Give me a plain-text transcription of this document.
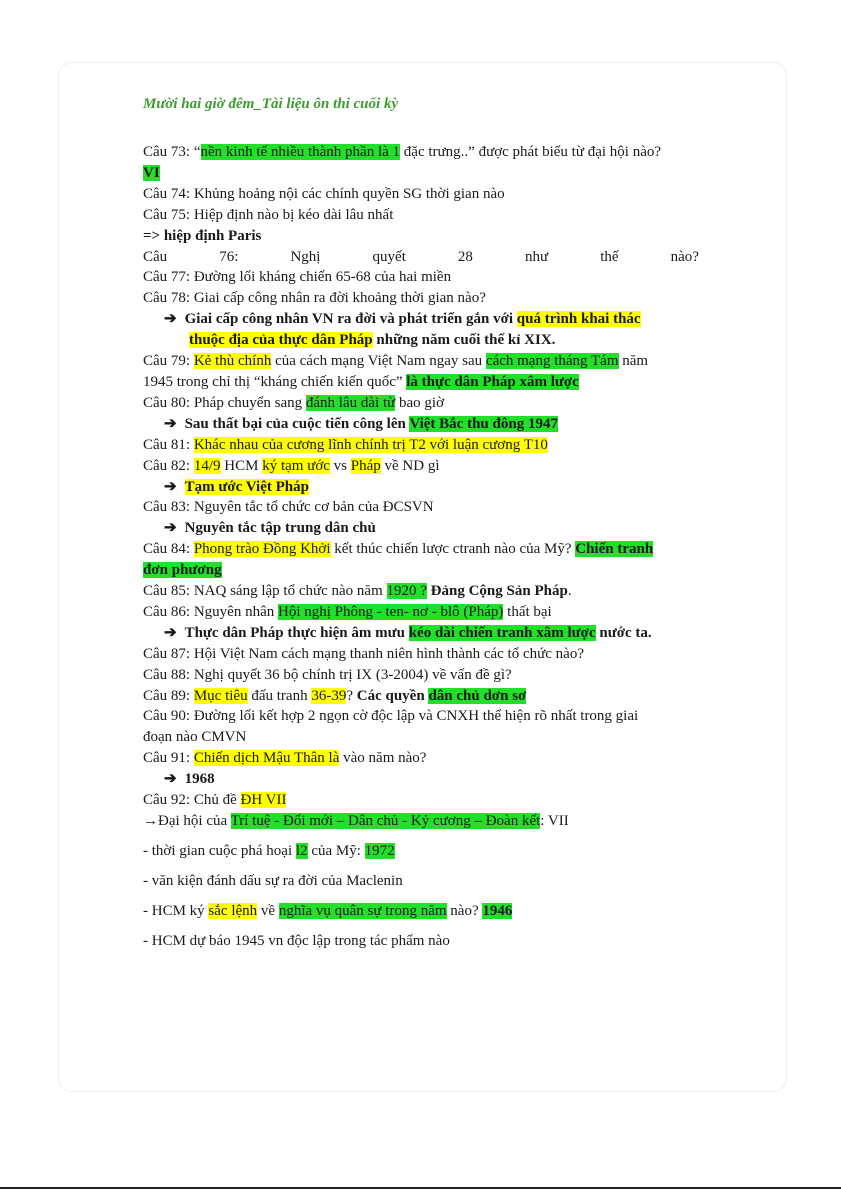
Mười hai giờ đêm_Tài liệu ôn thi cuối kỳ

Câu 73: “nền kinh tế nhiều thành phần là 1 đặc trưng..” được phát biểu từ đại hội nào?

VI

Câu 74: Khủng hoảng nội các chính quyền SG thời gian nào

Câu 75: Hiệp định nào bị kéo dài lâu nhất

=> hiệp định Paris

Câu	76:	Nghị	quyết	28	như	thế	nào?

Câu 77: Đường lối kháng chiến 65-68 của hai miền

Câu 78: Giai cấp công nhân ra đời khoảng thời gian nào?

➔ Giai cấp công nhân VN ra đời và phát triển gắn với quá trình khai thác

thuộc địa của thực dân Pháp những năm cuối thế kỉ XIX.

Câu 79: Kẻ thù chính của cách mạng Việt Nam ngay sau cách mạng tháng Tám năm

1945 trong chỉ thị “kháng chiến kiến quốc” là thực dân Pháp xâm lược

Câu 80: Pháp chuyển sang đánh lâu dài từ bao giờ

➔ Sau thất bại của cuộc tiến công lên Việt Bắc thu đông 1947

Câu 81: Khác nhau của cương lĩnh chính trị T2 với luận cương T10

Câu 82: 14/9 HCM ký tạm ước vs Pháp về ND gì

➔ Tạm ước Việt Pháp

Câu 83: Nguyên tắc tổ chức cơ bản của ĐCSVN

➔ Nguyên tắc tập trung dân chủ

Câu 84: Phong trào Đồng Khởi kết thúc chiến lược ctranh nào của Mỹ? Chiến tranh

đơn phương

Câu 85: NAQ sáng lập tổ chức nào năm 1920 ? Đảng Cộng Sản Pháp.

Câu 86: Nguyên nhân Hội nghị Phông - ten- nơ - blô (Pháp) thất bại

➔ Thực dân Pháp thực hiện âm mưu kéo dài chiến tranh xâm lược nước ta.

Câu 87: Hội Việt Nam cách mạng thanh niên hình thành các tổ chức nào?

Câu 88: Nghị quyết 36 bộ chính trị IX (3-2004) về vấn đề gì?

Câu 89: Mục tiêu đấu tranh 36-39? Các quyền dân chủ dơn sơ

Câu 90: Đường lối kết hợp 2 ngọn cờ độc lập và CNXH thể hiện rõ nhất trong giai

đoạn nào CMVN

Câu 91: Chiến dịch Mậu Thân là vào năm nào?

➔ 1968

Câu 92: Chủ đề ĐH VII

→Đại hội của Trí tuệ - Đổi mới – Dân chủ - Kỷ cương – Đoàn kết: VII

- thời gian cuộc phá hoại l2 của Mỹ: 1972

- văn kiện đánh dấu sự ra đời của Maclenin

- HCM ký sắc lệnh về nghĩa vụ quân sự trong năm nào? 1946

- HCM dự báo 1945 vn độc lập trong tác phẩm nào
